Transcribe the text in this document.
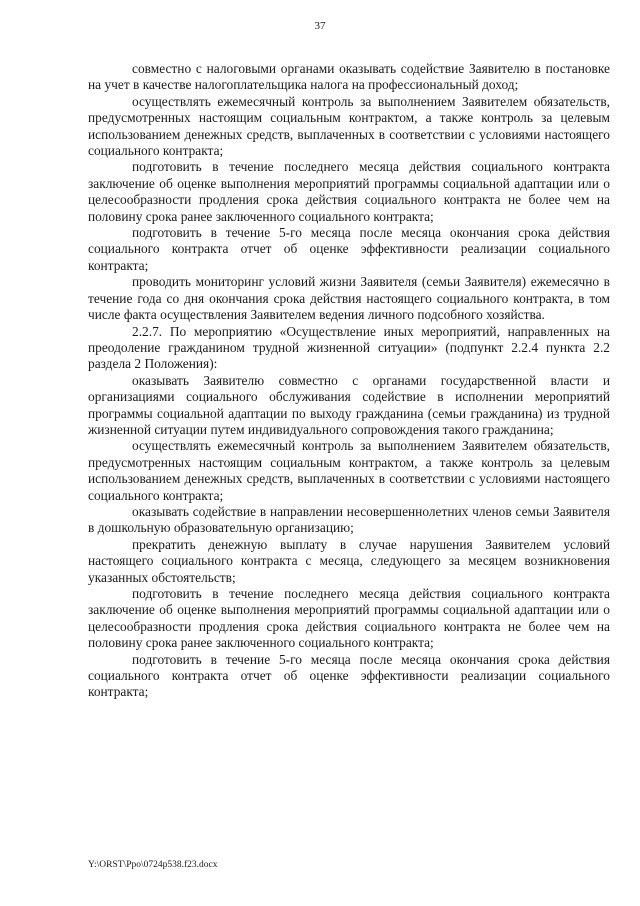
37

совместно с налоговыми органами оказывать содействие Заявителю в постановке на учет в качестве налогоплательщика налога на профессиональный доход;

осуществлять ежемесячный контроль за выполнением Заявителем обязательств, предусмотренных настоящим социальным контрактом, а также контроль за целевым использованием денежных средств, выплаченных в соответствии с условиями настоящего социального контракта;

подготовить в течение последнего месяца действия социального контракта заключение об оценке выполнения мероприятий программы социальной адаптации или о целесообразности продления срока действия социального контракта не более чем на половину срока ранее заключенного социального контракта;

подготовить в течение 5-го месяца после месяца окончания срока действия социального контракта отчет об оценке эффективности реализации социального контракта;

проводить мониторинг условий жизни Заявителя (семьи Заявителя) ежемесячно в течение года со дня окончания срока действия настоящего социального контракта, в том числе факта осуществления Заявителем ведения личного подсобного хозяйства.

2.2.7. По мероприятию «Осуществление иных мероприятий, направленных на преодоление гражданином трудной жизненной ситуации» (подпункт 2.2.4 пункта 2.2 раздела 2 Положения):

оказывать Заявителю совместно с органами государственной власти и организациями социального обслуживания содействие в исполнении мероприятий программы социальной адаптации по выходу гражданина (семьи гражданина) из трудной жизненной ситуации путем индивидуального сопровождения такого гражданина;

осуществлять ежемесячный контроль за выполнением Заявителем обязательств, предусмотренных настоящим социальным контрактом, а также контроль за целевым использованием денежных средств, выплаченных в соответствии с условиями настоящего социального контракта;

оказывать содействие в направлении несовершеннолетних членов семьи Заявителя в дошкольную образовательную организацию;

прекратить денежную выплату в случае нарушения Заявителем условий настоящего социального контракта с месяца, следующего за месяцем возникновения указанных обстоятельств;

подготовить в течение последнего месяца действия социального контракта заключение об оценке выполнения мероприятий программы социальной адаптации или о целесообразности продления срока действия социального контракта не более чем на половину срока ранее заключенного социального контракта;

подготовить в течение 5-го месяца после месяца окончания срока действия социального контракта отчет об оценке эффективности реализации социального контракта;

Y:\ORST\Ppo\0724p538.f23.docx
